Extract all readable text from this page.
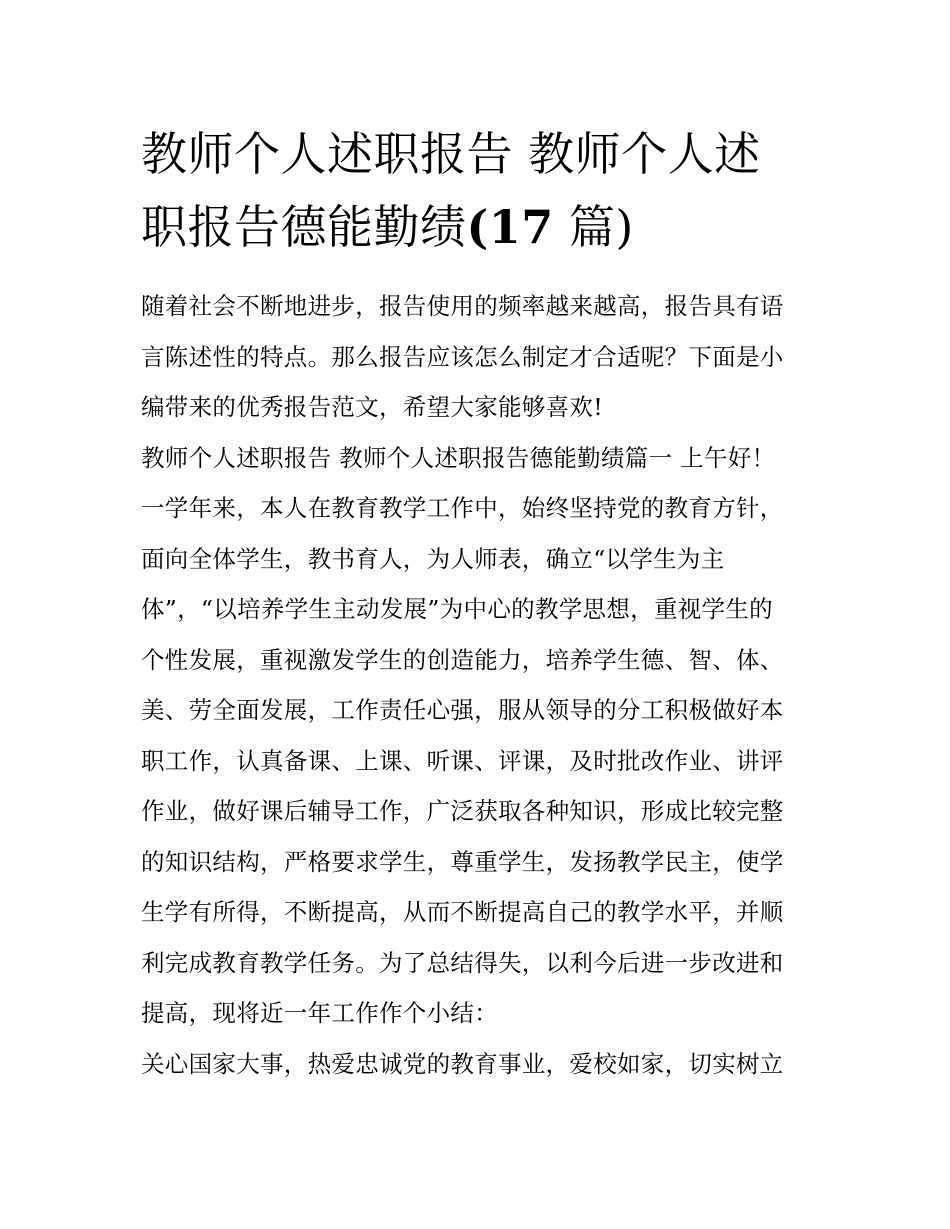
教师个人述职报告 教师个人述
职报告德能勤绩(17 篇)

随着社会不断地进步，报告使用的频率越来越高，报告具有语

言陈述性的特点。那么报告应该怎么制定才合适呢？下面是小

编带来的优秀报告范文，希望大家能够喜欢!

教师个人述职报告 教师个人述职报告德能勤绩篇一 上午好！

一学年来，本人在教育教学工作中，始终坚持党的教育方针，

面向全体学生，教书育人，为人师表，确立“以学生为主

体”，“以培养学生主动发展”为中心的教学思想，重视学生的

个性发展，重视激发学生的创造能力，培养学生德、智、体、

美、劳全面发展，工作责任心强，服从领导的分工积极做好本

职工作，认真备课、上课、听课、评课，及时批改作业、讲评

作业，做好课后辅导工作，广泛获取各种知识，形成比较完整

的知识结构，严格要求学生，尊重学生，发扬教学民主，使学

生学有所得，不断提高，从而不断提高自己的教学水平，并顺

利完成教育教学任务。为了总结得失，以利今后进一步改进和

提高，现将近一年工作作个小结：

关心国家大事，热爱忠诚党的教育事业，爱校如家，切实树立
